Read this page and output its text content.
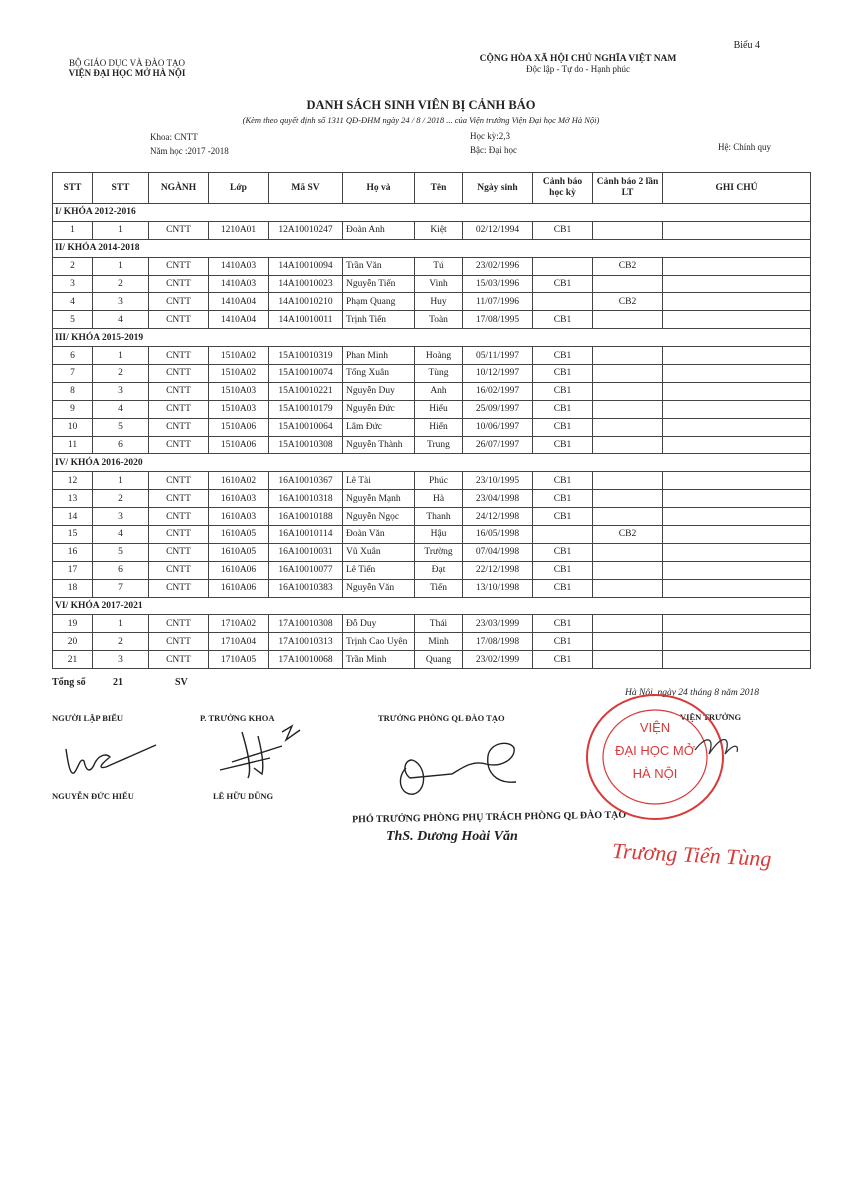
Biểu 4
BỘ GIÁO DỤC VÀ ĐÀO TẠO
VIỆN ĐẠI HỌC MỞ HÀ NỘI
CỘNG HÒA XÃ HỘI CHỦ NGHĨA VIỆT NAM
Độc lập - Tự do - Hạnh phúc
DANH SÁCH SINH VIÊN BỊ CẢNH BÁO
(Kèm theo quyết định số 1311 QĐ-ĐHM ngày 24 / 8 / 2018 ... của Viện trưởng Viện Đại học Mở Hà Nội)
Khoa: CNTT
Năm học :2017 -2018
Học kỳ:2,3
Bậc: Đại học	Hệ: Chính quy
STT	STT	NGÀNH	Lớp	Mã SV	Họ và	Tên	Ngày sinh	Cảnh báo học kỳ	Cảnh báo 2 lần LT	GHI CHÚ
I/ KHÓA 2012-2016										
1	1	CNTT	1210A01	12A10010247	Đoàn Anh	Kiệt	02/12/1994	CB1		
II/ KHÓA 2014-2018										
2	1	CNTT	1410A03	14A10010094	Trần Văn	Tú	23/02/1996		CB2	
3	2	CNTT	1410A03	14A10010023	Nguyễn Tiến	Vinh	15/03/1996	CB1		
4	3	CNTT	1410A04	14A10010210	Phạm Quang	Huy	11/07/1996		CB2	
5	4	CNTT	1410A04	14A10010011	Trịnh Tiến	Toàn	17/08/1995	CB1		
III/ KHÓA 2015-2019										
6	1	CNTT	1510A02	15A10010319	Phan Minh	Hoàng	05/11/1997	CB1		
7	2	CNTT	1510A02	15A10010074	Tống Xuân	Tùng	10/12/1997	CB1		
8	3	CNTT	1510A03	15A10010221	Nguyễn Duy	Anh	16/02/1997	CB1		
9	4	CNTT	1510A03	15A10010179	Nguyễn Đức	Hiếu	25/09/1997	CB1		
10	5	CNTT	1510A06	15A10010064	Lâm Đức	Hiển	10/06/1997	CB1		
11	6	CNTT	1510A06	15A10010308	Nguyễn Thành	Trung	26/07/1997	CB1		
IV/ KHÓA 2016-2020										
12	1	CNTT	1610A02	16A10010367	Lê Tài	Phúc	23/10/1995	CB1		
13	2	CNTT	1610A03	16A10010318	Nguyễn Mạnh	Hà	23/04/1998	CB1		
14	3	CNTT	1610A03	16A10010188	Nguyễn Ngọc	Thanh	24/12/1998	CB1		
15	4	CNTT	1610A05	16A10010114	Đoàn Văn	Hậu	16/05/1998		CB2	
16	5	CNTT	1610A05	16A10010031	Vũ Xuân	Trường	07/04/1998	CB1		
17	6	CNTT	1610A06	16A10010077	Lê Tiến	Đạt	22/12/1998	CB1		
18	7	CNTT	1610A06	16A10010383	Nguyễn Văn	Tiến	13/10/1998	CB1		
VI/ KHÓA 2017-2021										
19	1	CNTT	1710A02	17A10010308	Đỗ Duy	Thái	23/03/1999	CB1		
20	2	CNTT	1710A04	17A10010313	Trịnh Cao Uyên	Minh	17/08/1998	CB1		
21	3	CNTT	1710A05	17A10010068	Trần Minh	Quang	23/02/1999	CB1		
Tổng số	21	SV
Hà Nội, ngày 24 tháng 8 năm 2018
NGƯỜI LẬP BIỂU
NGUYỄN ĐỨC HIẾU
P. TRƯỞNG KHOA
LÊ HỮU DŨNG
TRƯỞNG PHÒNG QL ĐÀO TẠO
PHÓ TRƯỞNG PHÒNG PHỤ TRÁCH PHÒNG QL ĐÀO TẠO
ThS. Dương Hoài Văn
VIỆN TRƯỞNG
VIỆN
ĐẠI HỌC MỞ
HÀ NỘI
Trương Tiến Tùng
